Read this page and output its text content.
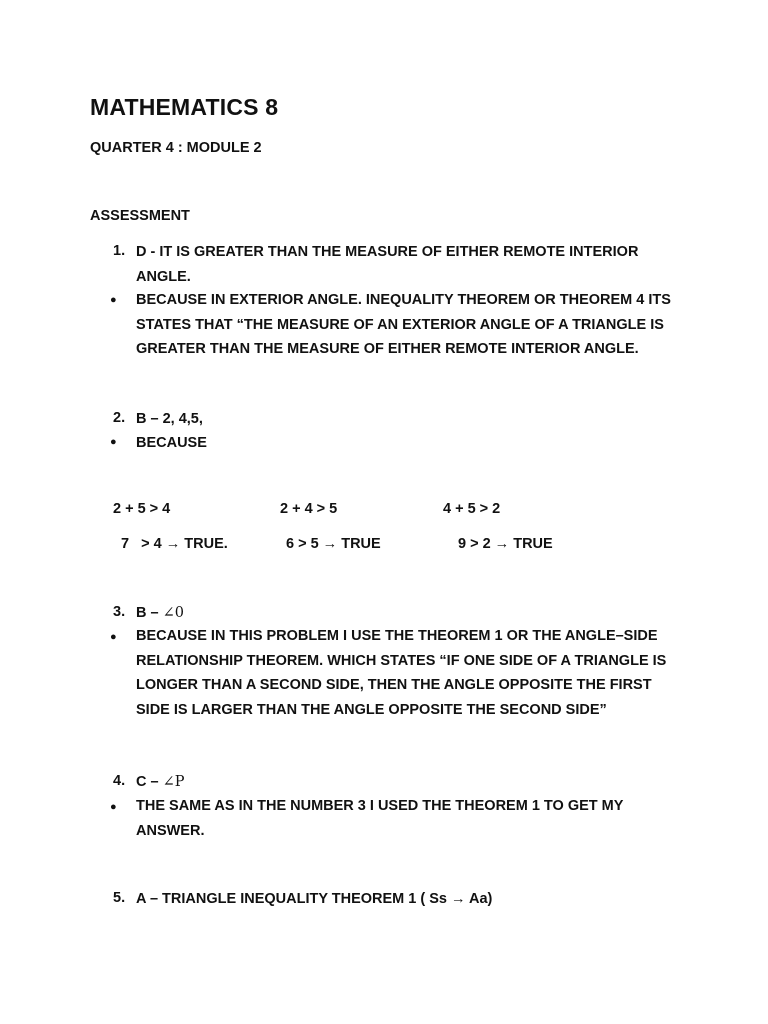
MATHEMATICS 8
QUARTER 4 : MODULE 2
ASSESSMENT
1. D - IT IS GREATER THAN THE MEASURE OF EITHER REMOTE INTERIOR ANGLE.
● BECAUSE IN EXTERIOR ANGLE. INEQUALITY THEOREM OR THEOREM 4 ITS STATES THAT “THE MEASURE OF AN EXTERIOR ANGLE OF A TRIANGLE IS GREATER THAN THE MEASURE OF EITHER REMOTE INTERIOR ANGLE.
2. B – 2, 4,5,
● BECAUSE
2 + 5 > 4	2 + 4 > 5	4 + 5 > 2
7   > 4 → TRUE.	6 > 5 → TRUE	9 > 2 → TRUE
3. B – ∠0
● BECAUSE IN THIS PROBLEM I USE THE THEOREM 1 OR THE ANGLE–SIDE RELATIONSHIP THEOREM. WHICH STATES “IF ONE SIDE OF A TRIANGLE IS LONGER THAN A SECOND SIDE, THEN THE ANGLE OPPOSITE THE FIRST SIDE IS LARGER THAN THE ANGLE OPPOSITE THE SECOND SIDE”
4. C – ∠P
● THE SAME AS IN THE NUMBER 3 I USED THE THEOREM 1 TO GET MY ANSWER.
5. A – TRIANGLE INEQUALITY THEOREM 1 ( Ss → Aa)
